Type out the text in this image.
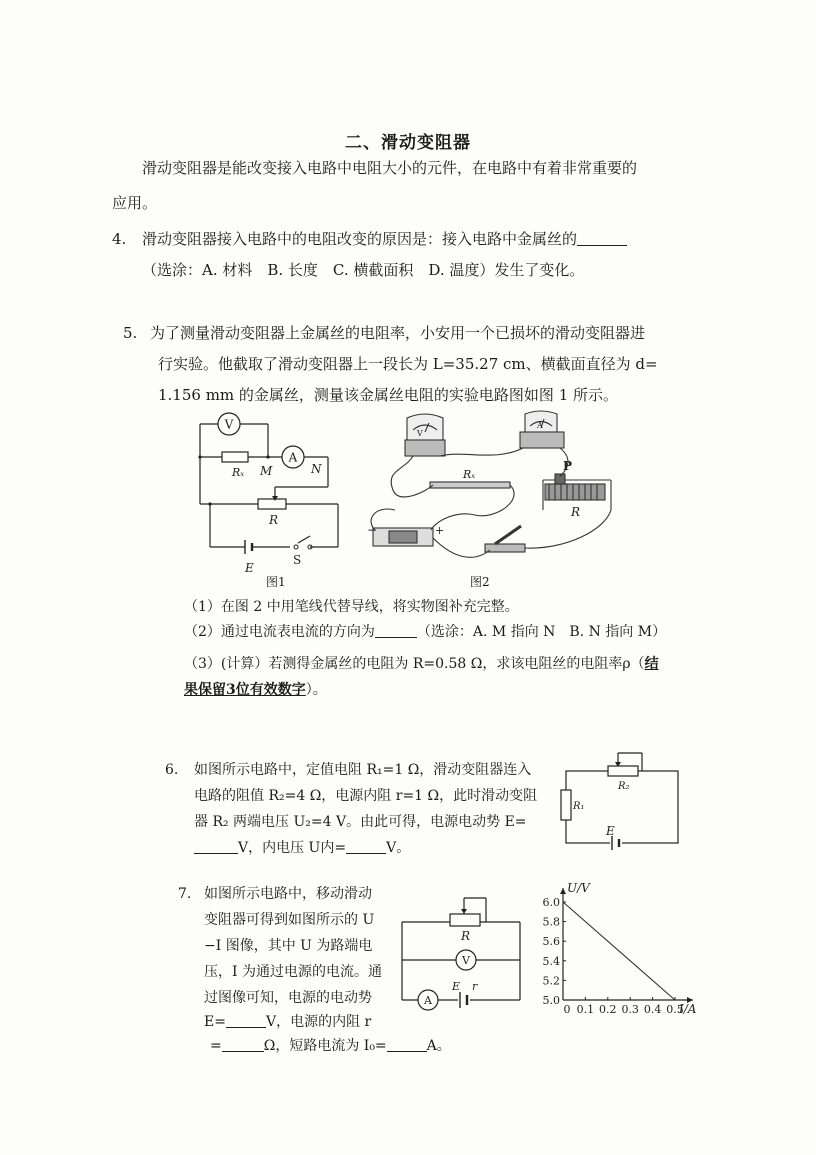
二、滑动变阻器
滑动变阻器是能改变接入电路中电阻大小的元件，在电路中有着非常重要的
应用。
4. 滑动变阻器接入电路中的电阻改变的原因是：接入电路中金属丝的
（选涂：A. 材料　B. 长度　C. 横截面积　D. 温度）发生了变化。
5. 为了测量滑动变阻器上金属丝的电阻率，小安用一个已损坏的滑动变阻器进
行实验。他截取了滑动变阻器上一段长为 L=35.27 cm、横截面直径为 d=
1.156 mm 的金属丝，测量该金属丝电阻的实验电路图如图 1 所示。
V
A
Rₓ M	N
R
E
S
图1
V
A
Rₓ
P
R
−	+
图2
（1）在图 2 中用笔线代替导线，将实物图补充完整。
（2）通过电流表电流的方向为	（选涂：A. M 指向 N　B. N 指向 M）
（3）(计算）若测得金属丝的电阻为 R=0.58 Ω，求该电阻丝的电阻率ρ（结
果保留3位有效数字）。
6. 如图所示电路中，定值电阻 R₁=1 Ω，滑动变阻器连入
电路的阻值 R₂=4 Ω，电源内阻 r=1 Ω，此时滑动变阻
器 R₂ 两端电压 U₂=4 V。由此可得，电源电动势 E=
V，内电压 U内=	V。
R₂
R₁
E
7. 如图所示电路中，移动滑动
变阻器可得到如图所示的 U
−I 图像，其中 U 为路端电
压，I 为通过电源的电流。通
过图像可知，电源的电动势
E=	V，电源的内阻 r
=	Ω，短路电流为 I₀=	A。
R
V
A
E r
0 0.1 0.2 0.3 0.4 0.5
5.0
5.2
5.4
5.6
5.8
6.0
U/V
I/A
